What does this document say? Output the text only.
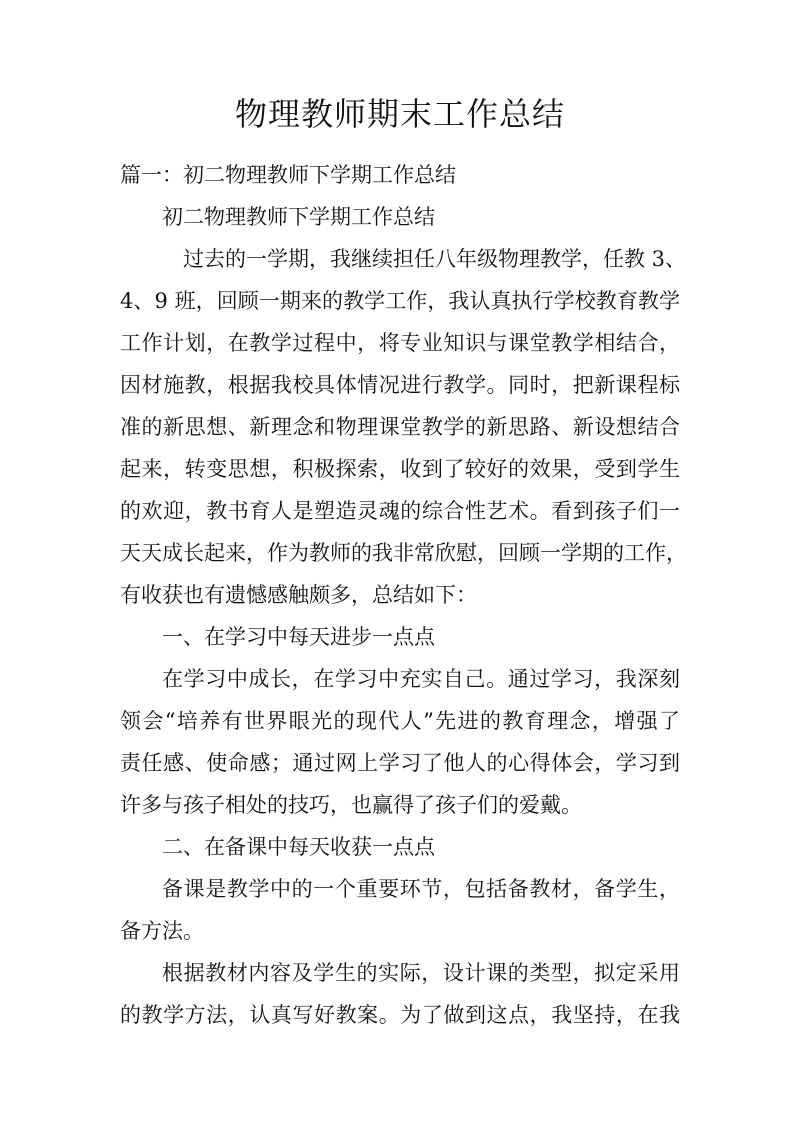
物理教师期末工作总结
篇一：初二物理教师下学期工作总结
初二物理教师下学期工作总结
过去的一学期，我继续担任八年级物理教学，任教 3、
4、9 班，回顾一期来的教学工作，我认真执行学校教育教学
工作计划，在教学过程中，将专业知识与课堂教学相结合，
因材施教，根据我校具体情况进行教学。同时，把新课程标
准的新思想、新理念和物理课堂教学的新思路、新设想结合
起来，转变思想，积极探索，收到了较好的效果，受到学生
的欢迎，教书育人是塑造灵魂的综合性艺术。看到孩子们一
天天成长起来，作为教师的我非常欣慰，回顾一学期的工作，
有收获也有遗憾感触颇多，总结如下：
一、在学习中每天进步一点点
在学习中成长，在学习中充实自己。通过学习，我深刻
领会“培养有世界眼光的现代人”先进的教育理念，增强了
责任感、使命感；通过网上学习了他人的心得体会，学习到
许多与孩子相处的技巧，也赢得了孩子们的爱戴。
二、在备课中每天收获一点点
备课是教学中的一个重要环节，包括备教材，备学生，
备方法。
根据教材内容及学生的实际，设计课的类型，拟定采用
的教学方法，认真写好教案。为了做到这点，我坚持，在我
